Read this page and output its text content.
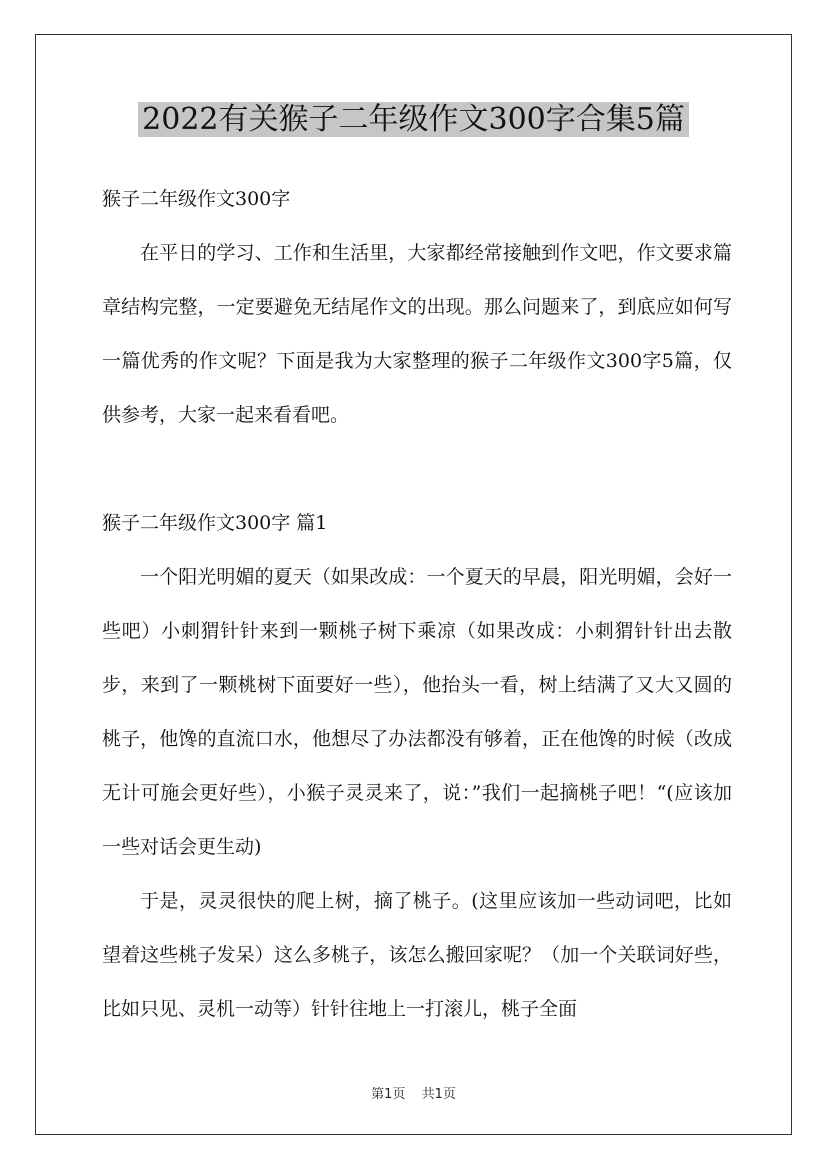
2022有关猴子二年级作文300字合集5篇

猴子二年级作文300字

在平日的学习、工作和生活里，大家都经常接触到作文吧，作文要求篇章结构完整，一定要避免无结尾作文的出现。那么问题来了，到底应如何写一篇优秀的作文呢？下面是我为大家整理的猴子二年级作文300字5篇，仅供参考，大家一起来看看吧。

猴子二年级作文300字 篇1

一个阳光明媚的夏天（如果改成：一个夏天的早晨，阳光明媚，会好一些吧）小刺猬针针来到一颗桃子树下乘凉（如果改成：小刺猬针针出去散步，来到了一颗桃树下面要好一些），他抬头一看，树上结满了又大又圆的桃子，他馋的直流口水，他想尽了办法都没有够着，正在他馋的时候（改成无计可施会更好些），小猴子灵灵来了，说：”我们一起摘桃子吧！“(应该加一些对话会更生动)

于是，灵灵很快的爬上树，摘了桃子。(这里应该加一些动词吧，比如望着这些桃子发呆）这么多桃子，该怎么搬回家呢？（加一个关联词好些，比如只见、灵机一动等）针针往地上一打滚儿，桃子全面

第1页 共1页
